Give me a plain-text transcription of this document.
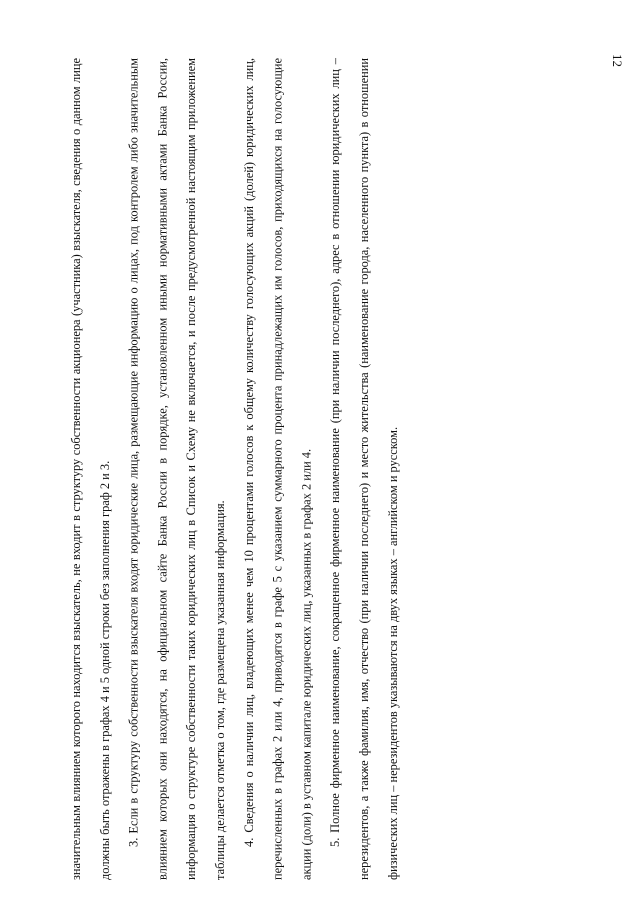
12

значительным влиянием которого находится взыскатель, не входит в структуру собственности акционера (участника) взыскателя, сведения о данном лице должны быть отражены в графах 4 и 5 одной строки без заполнения граф 2 и 3.	3. Если в структуру собственности взыскателя входят юридические лица, размещающие информацию о лицах, под контролем либо значительным влиянием которых они находятся, на официальном сайте Банка России в порядке, установленном иными нормативными актами Банка России, информация о структуре собственности таких юридических лиц в Список и Схему не включается, и после предусмотренной настоящим приложением таблицы делается отметка о том, где размещена указанная информация.	4. Сведения о наличии лиц, владеющих менее чем 10 процентами голосов к общему количеству голосующих акций (долей) юридических лиц, перечисленных в графах 2 или 4, приводятся в графе 5 с указанием суммарного процента принадлежащих им голосов, приходящихся на голосующие акции (доли) в уставном капитале юридических лиц, указанных в графах 2 или 4.	5. Полное фирменное наименование, сокращенное фирменное наименование (при наличии последнего), адрес в отношении юридических лиц – нерезидентов, а также фамилия, имя, отчество (при наличии последнего) и место жительства (наименование города, населенного пункта) в отношении физических лиц – нерезидентов указываются на двух языках – английском и русском.
